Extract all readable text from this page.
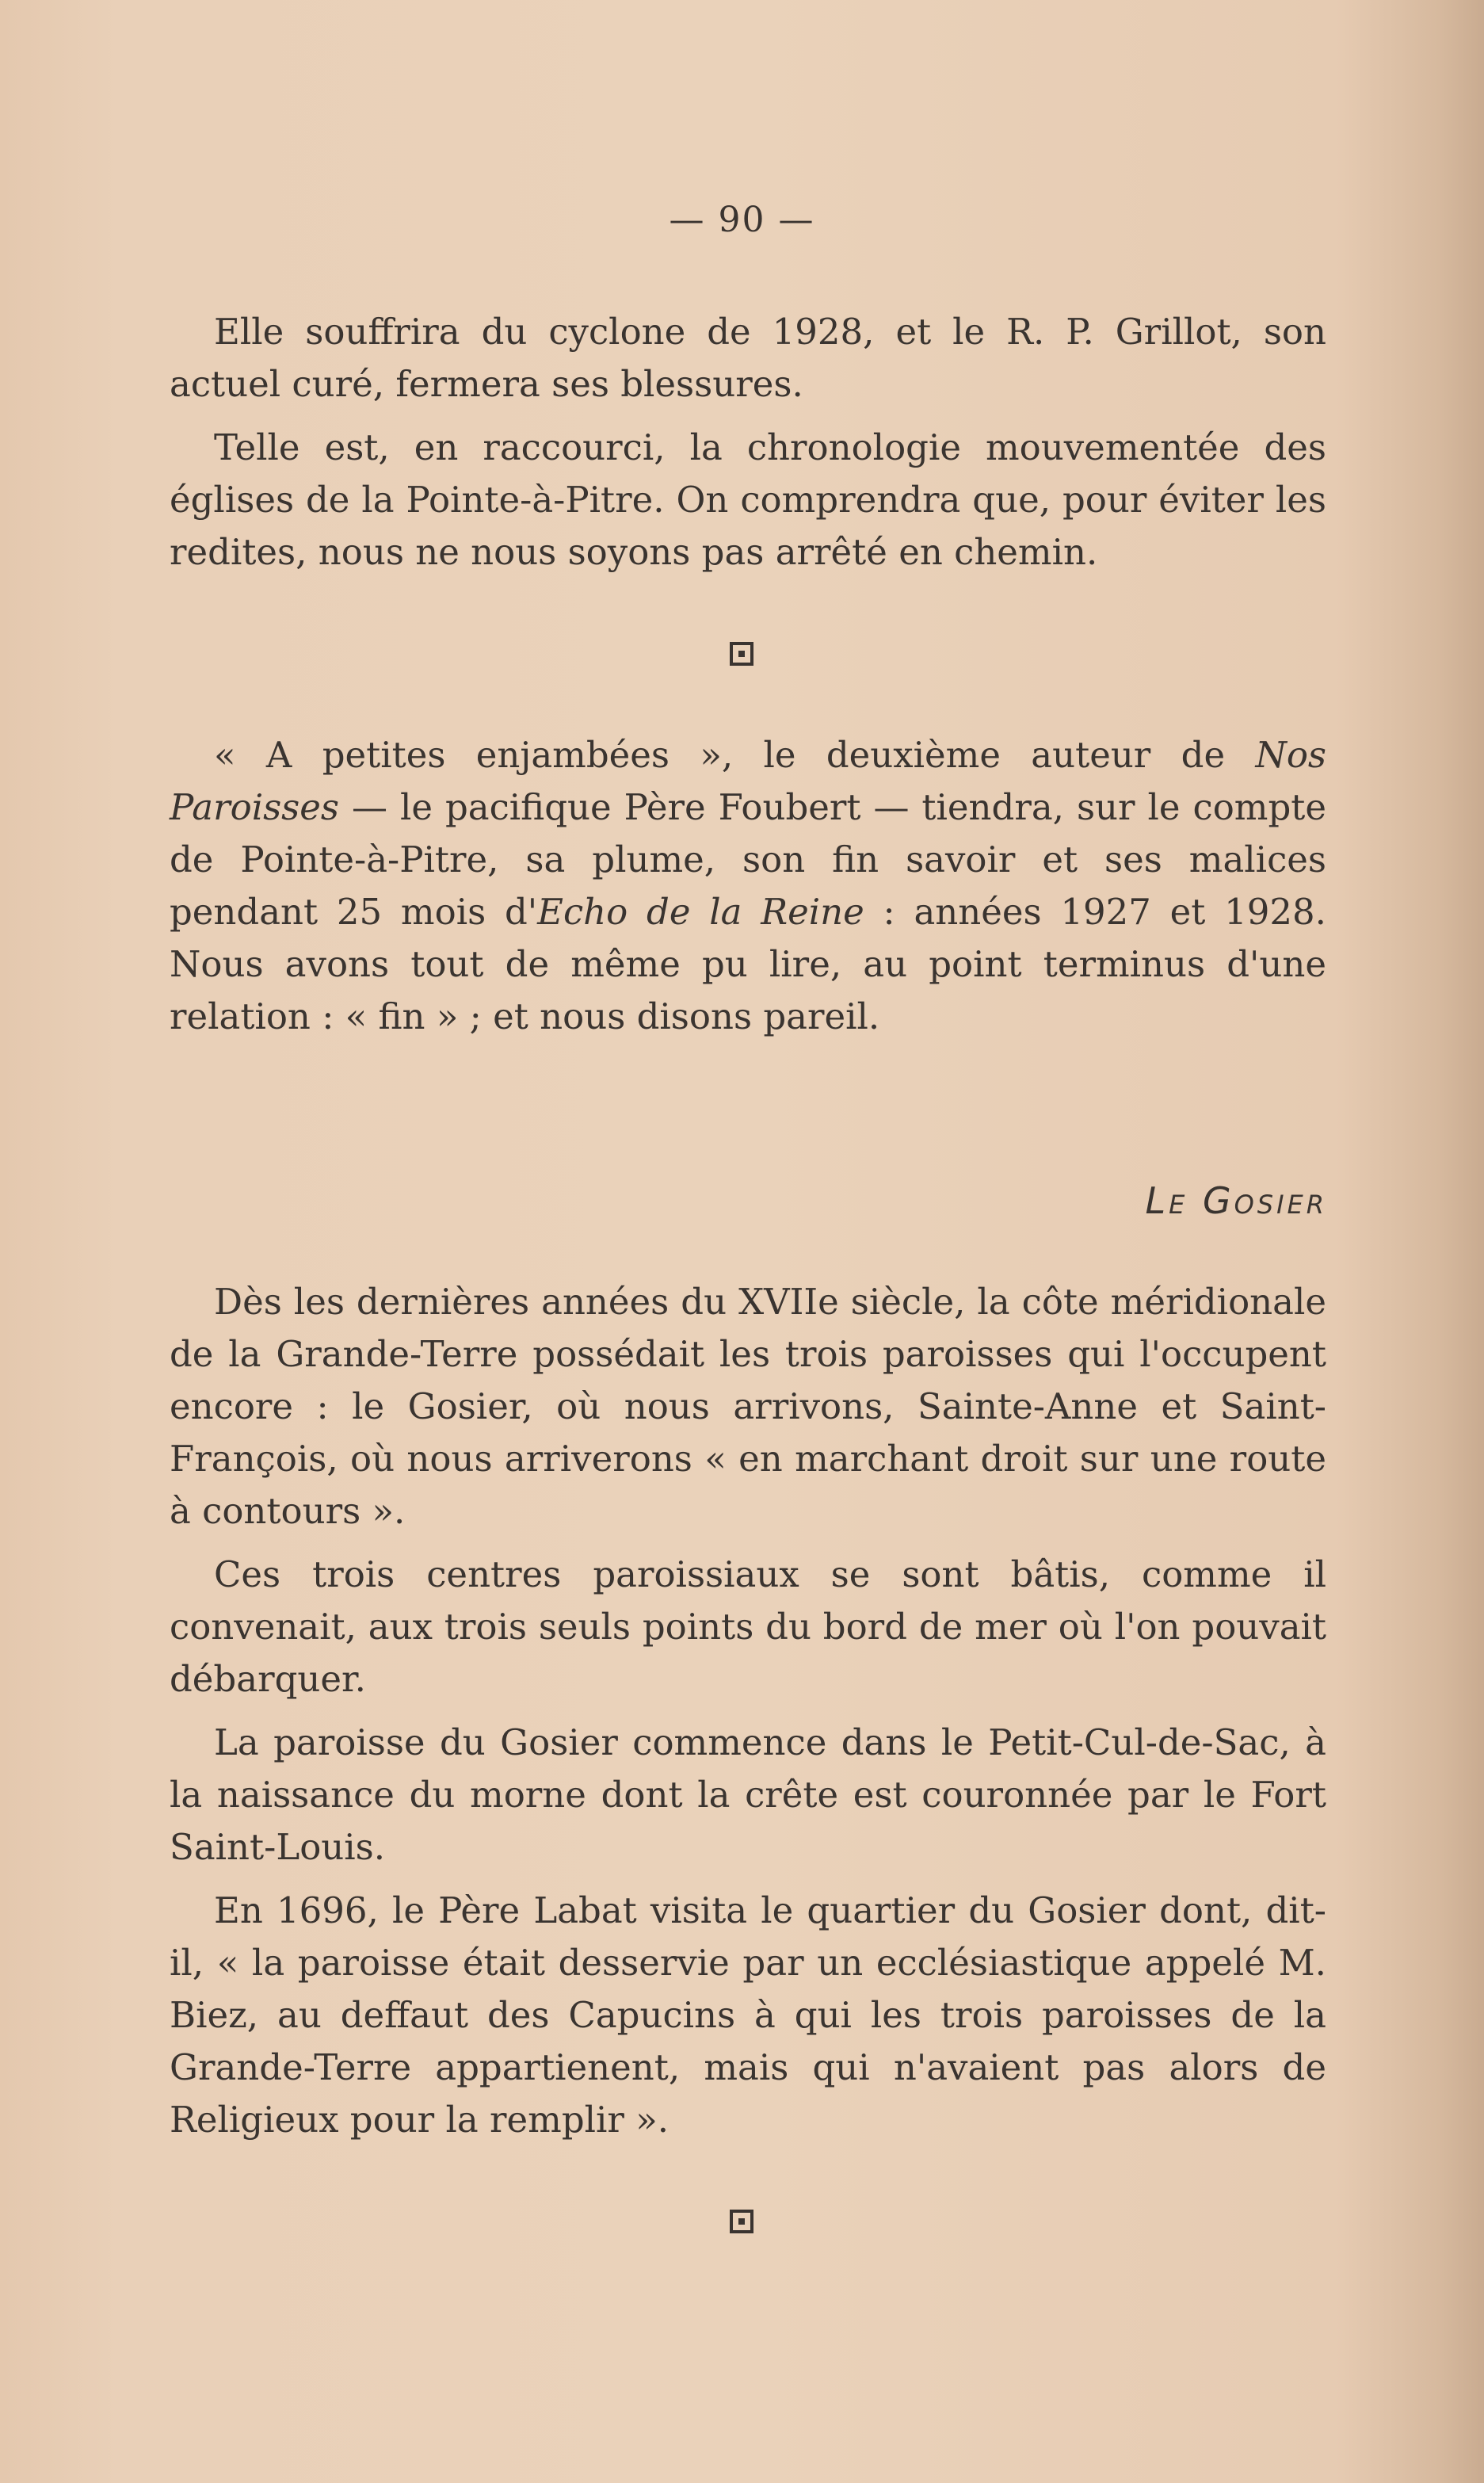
— 90 —

Elle souffrira du cyclone de 1928, et le R. P. Grillot, son actuel curé, fermera ses blessures.

Telle est, en raccourci, la chronologie mouvementée des églises de la Pointe-à-Pitre. On comprendra que, pour éviter les redites, nous ne nous soyons pas arrêté en chemin.

« A petites enjambées », le deuxième auteur de Nos Paroisses — le pacifique Père Foubert — tiendra, sur le compte de Pointe-à-Pitre, sa plume, son fin savoir et ses malices pendant 25 mois d'Echo de la Reine : années 1927 et 1928. Nous avons tout de même pu lire, au point terminus d'une relation : « fin » ; et nous disons pareil.

Le Gosier

Dès les dernières années du XVIIe siècle, la côte méridionale de la Grande-Terre possédait les trois paroisses qui l'occupent encore : le Gosier, où nous arrivons, Sainte-Anne et Saint-François, où nous arriverons « en marchant droit sur une route à contours ».

Ces trois centres paroissiaux se sont bâtis, comme il convenait, aux trois seuls points du bord de mer où l'on pouvait débarquer.

La paroisse du Gosier commence dans le Petit-Cul-de-Sac, à la naissance du morne dont la crête est couronnée par le Fort Saint-Louis.

En 1696, le Père Labat visita le quartier du Gosier dont, dit-il, « la paroisse était desservie par un ecclésiastique appelé M. Biez, au deffaut des Capucins à qui les trois paroisses de la Grande-Terre appartienent, mais qui n'avaient pas alors de Religieux pour la remplir ».
